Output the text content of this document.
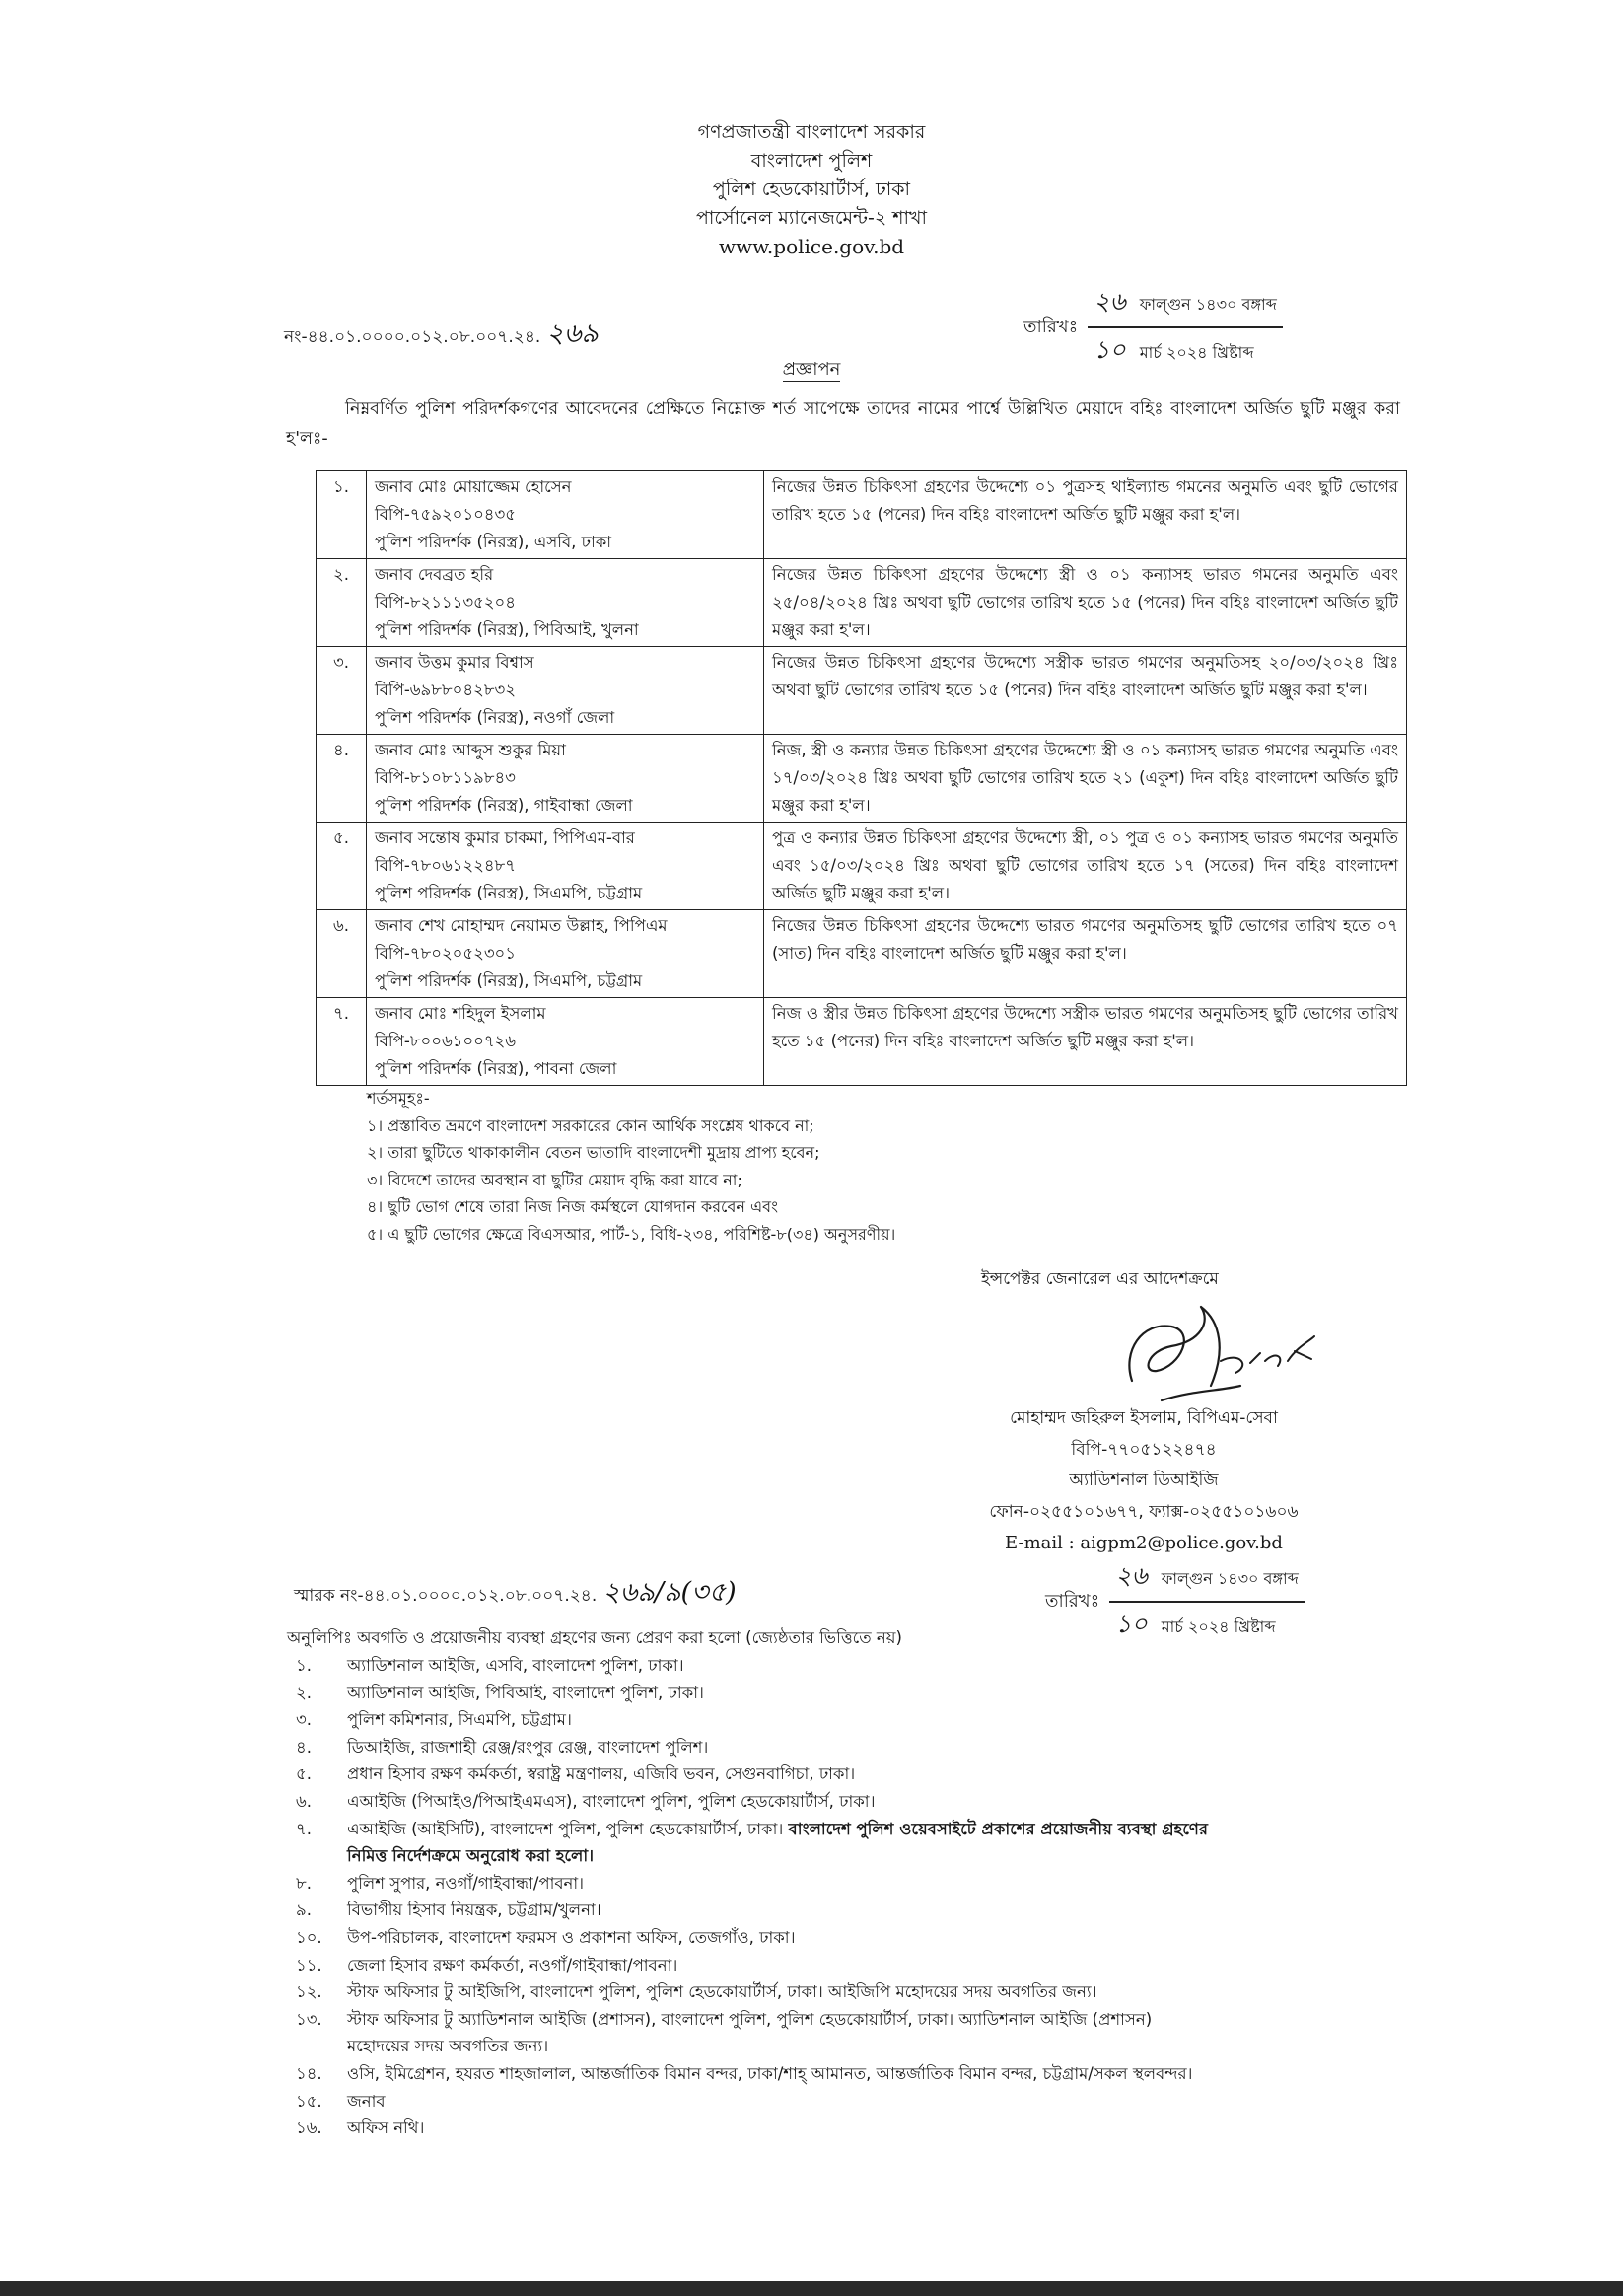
গণপ্রজাতন্ত্রী বাংলাদেশ সরকার
বাংলাদেশ পুলিশ
পুলিশ হেডকোয়ার্টার্স, ঢাকা
পার্সোনেল ম্যানেজমেন্ট-২ শাখা
www.police.gov.bd
নং-৪৪.০১.০০০০.০১২.০৮.০০৭.২৪. ২৬৯	তারিখঃ
২৬ ফাল্গুন ১৪৩০ বঙ্গাব্দ
১০ মার্চ ২০২৪ খ্রিষ্টাব্দ
প্রজ্ঞাপন
নিম্নবর্ণিত পুলিশ পরিদর্শকগণের আবেদনের প্রেক্ষিতে নিম্নোক্ত শর্ত সাপেক্ষে তাদের নামের পার্শ্বে উল্লিখিত মেয়াদে বহিঃ বাংলাদেশ অর্জিত ছুটি মঞ্জুর করা হ'লঃ-
১.	জনাব মোঃ মোয়াজ্জেম হোসেন
বিপি-৭৫৯২০১০৪৩৫
পুলিশ পরিদর্শক (নিরস্ত্র), এসবি, ঢাকা	নিজের উন্নত চিকিৎসা গ্রহণের উদ্দেশ্যে ০১ পুত্রসহ থাইল্যান্ড গমনের অনুমতি এবং ছুটি ভোগের তারিখ হতে ১৫ (পনের) দিন বহিঃ বাংলাদেশ অর্জিত ছুটি মঞ্জুর করা হ'ল।
২.	জনাব দেবব্রত হরি
বিপি-৮২১১১৩৫২০৪
পুলিশ পরিদর্শক (নিরস্ত্র), পিবিআই, খুলনা	নিজের উন্নত চিকিৎসা গ্রহণের উদ্দেশ্যে স্ত্রী ও ০১ কন্যাসহ ভারত গমনের অনুমতি এবং ২৫/০৪/২০২৪ খ্রিঃ অথবা ছুটি ভোগের তারিখ হতে ১৫ (পনের) দিন বহিঃ বাংলাদেশ অর্জিত ছুটি মঞ্জুর করা হ'ল।
৩.	জনাব উত্তম কুমার বিশ্বাস
বিপি-৬৯৮৮০৪২৮৩২
পুলিশ পরিদর্শক (নিরস্ত্র), নওগাঁ জেলা	নিজের উন্নত চিকিৎসা গ্রহণের উদ্দেশ্যে সস্ত্রীক ভারত গমণের অনুমতিসহ ২০/০৩/২০২৪ খ্রিঃ অথবা ছুটি ভোগের তারিখ হতে ১৫ (পনের) দিন বহিঃ বাংলাদেশ অর্জিত ছুটি মঞ্জুর করা হ'ল।
৪.	জনাব মোঃ আব্দুস শুকুর মিয়া
বিপি-৮১০৮১১৯৮৪৩
পুলিশ পরিদর্শক (নিরস্ত্র), গাইবান্ধা জেলা	নিজ, স্ত্রী ও কন্যার উন্নত চিকিৎসা গ্রহণের উদ্দেশ্যে স্ত্রী ও ০১ কন্যাসহ ভারত গমণের অনুমতি এবং ১৭/০৩/২০২৪ খ্রিঃ অথবা ছুটি ভোগের তারিখ হতে ২১ (একুশ) দিন বহিঃ বাংলাদেশ অর্জিত ছুটি মঞ্জুর করা হ'ল।
৫.	জনাব সন্তোষ কুমার চাকমা, পিপিএম-বার
বিপি-৭৮০৬১২২৪৮৭
পুলিশ পরিদর্শক (নিরস্ত্র), সিএমপি, চট্টগ্রাম	পুত্র ও কন্যার উন্নত চিকিৎসা গ্রহণের উদ্দেশ্যে স্ত্রী, ০১ পুত্র ও ০১ কন্যাসহ ভারত গমণের অনুমতি এবং ১৫/০৩/২০২৪ খ্রিঃ অথবা ছুটি ভোগের তারিখ হতে ১৭ (সতের) দিন বহিঃ বাংলাদেশ অর্জিত ছুটি মঞ্জুর করা হ'ল।
৬.	জনাব শেখ মোহাম্মদ নেয়ামত উল্লাহ, পিপিএম
বিপি-৭৮০২০৫২৩০১
পুলিশ পরিদর্শক (নিরস্ত্র), সিএমপি, চট্টগ্রাম	নিজের উন্নত চিকিৎসা গ্রহণের উদ্দেশ্যে ভারত গমণের অনুমতিসহ ছুটি ভোগের তারিখ হতে ০৭ (সাত) দিন বহিঃ বাংলাদেশ অর্জিত ছুটি মঞ্জুর করা হ'ল।
৭.	জনাব মোঃ শহিদুল ইসলাম
বিপি-৮০০৬১০০৭২৬
পুলিশ পরিদর্শক (নিরস্ত্র), পাবনা জেলা	নিজ ও স্ত্রীর উন্নত চিকিৎসা গ্রহণের উদ্দেশ্যে সস্ত্রীক ভারত গমণের অনুমতিসহ ছুটি ভোগের তারিখ হতে ১৫ (পনের) দিন বহিঃ বাংলাদেশ অর্জিত ছুটি মঞ্জুর করা হ'ল।
শর্তসমূহঃ-
১। প্রস্তাবিত ভ্রমণে বাংলাদেশ সরকারের কোন আর্থিক সংশ্লেষ থাকবে না;
২। তারা ছুটিতে থাকাকালীন বেতন ভাতাদি বাংলাদেশী মুদ্রায় প্রাপ্য হবেন;
৩। বিদেশে তাদের অবস্থান বা ছুটির মেয়াদ বৃদ্ধি করা যাবে না;
৪। ছুটি ভোগ শেষে তারা নিজ নিজ কর্মস্থলে যোগদান করবেন এবং
৫। এ ছুটি ভোগের ক্ষেত্রে বিএসআর, পার্ট-১, বিধি-২৩৪, পরিশিষ্ট-৮(৩৪) অনুসরণীয়।
ইন্সপেক্টর জেনারেল এর আদেশক্রমে
মোহাম্মদ জহিরুল ইসলাম, বিপিএম-সেবা
বিপি-৭৭০৫১২২৪৭৪
অ্যাডিশনাল ডিআইজি
ফোন-০২৫৫১০১৬৭৭, ফ্যাক্স-০২৫৫১০১৬০৬
E-mail : aigpm2@police.gov.bd
স্মারক নং-৪৪.০১.০০০০.০১২.০৮.০০৭.২৪. ২৬৯/৯(৩৫)	তারিখঃ
২৬ ফাল্গুন ১৪৩০ বঙ্গাব্দ
১০ মার্চ ২০২৪ খ্রিষ্টাব্দ
অনুলিপিঃ অবগতি ও প্রয়োজনীয় ব্যবস্থা গ্রহণের জন্য প্রেরণ করা হলো (জ্যেষ্ঠতার ভিত্তিতে নয়)
১.	অ্যাডিশনাল আইজি, এসবি, বাংলাদেশ পুলিশ, ঢাকা।
২.	অ্যাডিশনাল আইজি, পিবিআই, বাংলাদেশ পুলিশ, ঢাকা।
৩.	পুলিশ কমিশনার, সিএমপি, চট্টগ্রাম।
৪.	ডিআইজি, রাজশাহী রেঞ্জ/রংপুর রেঞ্জ, বাংলাদেশ পুলিশ।
৫.	প্রধান হিসাব রক্ষণ কর্মকর্তা, স্বরাষ্ট্র মন্ত্রণালয়, এজিবি ভবন, সেগুনবাগিচা, ঢাকা।
৬.	এআইজি (পিআইও/পিআইএমএস), বাংলাদেশ পুলিশ, পুলিশ হেডকোয়ার্টার্স, ঢাকা।
৭.	এআইজি (আইসিটি), বাংলাদেশ পুলিশ, পুলিশ হেডকোয়ার্টার্স, ঢাকা। বাংলাদেশ পুলিশ ওয়েবসাইটে প্রকাশের প্রয়োজনীয় ব্যবস্থা গ্রহণের
নিমিত্ত নির্দেশক্রমে অনুরোধ করা হলো।
৮.	পুলিশ সুপার, নওগাঁ/গাইবান্ধা/পাবনা।
৯.	বিভাগীয় হিসাব নিয়ন্ত্রক, চট্টগ্রাম/খুলনা।
১০.	উপ-পরিচালক, বাংলাদেশ ফরমস ও প্রকাশনা অফিস, তেজগাঁও, ঢাকা।
১১.	জেলা হিসাব রক্ষণ কর্মকর্তা, নওগাঁ/গাইবান্ধা/পাবনা।
১২.	স্টাফ অফিসার টু আইজিপি, বাংলাদেশ পুলিশ, পুলিশ হেডকোয়ার্টার্স, ঢাকা। আইজিপি মহোদয়ের সদয় অবগতির জন্য।
১৩.	স্টাফ অফিসার টু অ্যাডিশনাল আইজি (প্রশাসন), বাংলাদেশ পুলিশ, পুলিশ হেডকোয়ার্টার্স, ঢাকা। অ্যাডিশনাল আইজি (প্রশাসন)
মহোদয়ের সদয় অবগতির জন্য।
১৪.	ওসি, ইমিগ্রেশন, হযরত শাহজালাল, আন্তর্জাতিক বিমান বন্দর, ঢাকা/শাহ্ আমানত, আন্তর্জাতিক বিমান বন্দর, চট্টগ্রাম/সকল স্থলবন্দর।
১৫.	জনাব
১৬.	অফিস নথি।
